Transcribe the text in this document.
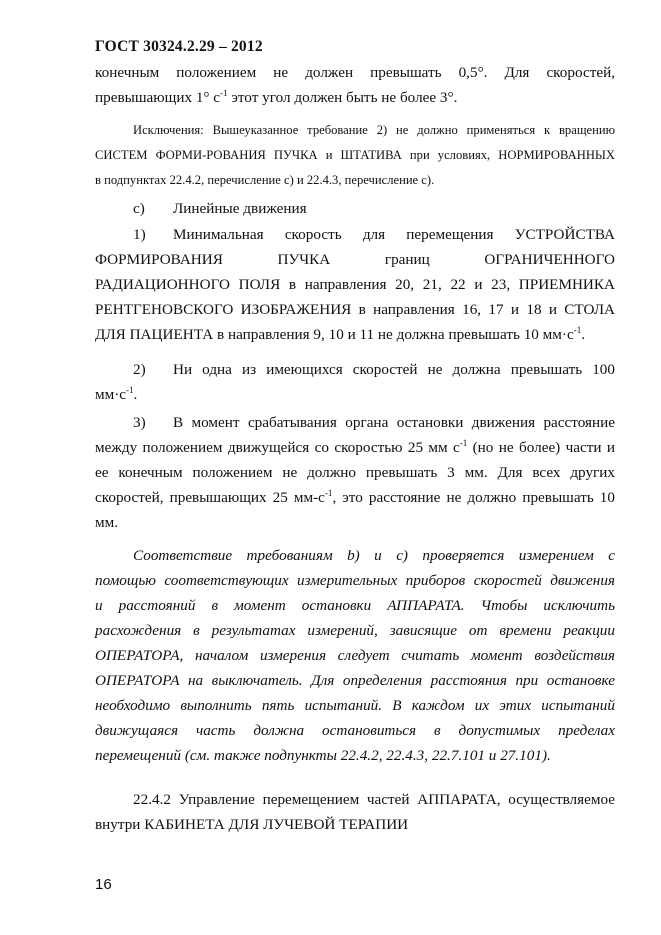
ГОСТ 30324.2.29 – 2012
конечным положением не должен превышать 0,5°. Для скоростей,
превышающих 1° $с^{-1}$ этот угол должен быть не более 3°.
Исключения: Вышеуказанное требование 2) не должно применяться к вращению
СИСТЕМ ФОРМИ-РОВАНИЯ ПУЧКА и ШТАТИВА при условиях, НОРМИРОВАННЫХ
в подпунктах 22.4.2, перечисление с) и 22.4.3, перечисление с).
c) Линейные движения
1)	Минимальная скорость для перемещения УСТРОЙСТВА
ФОРМИРОВАНИЯ ПУЧКА границ ОГРАНИЧЕННОГО
РАДИАЦИОННОГО ПОЛЯ в направления 20, 21, 22 и 23, ПРИЕМНИКА
РЕНТГЕНОВСКОГО ИЗОБРАЖЕНИЯ в направления 16, 17 и 18 и СТОЛА
ДЛЯ ПАЦИЕНТА в направления 9, 10 и 11 не должна превышать 10 $мм\cdot с^{-1}$.
2)	Ни одна из имеющихся скоростей не должна превышать 100
$мм\cdot с^{-1}$.
3)	В момент срабатывания органа остановки движения расстояние
между положением движущейся со скоростью 25 мм $с^{-1}$ (но не более) части и
ее конечным положением не должно превышать 3 мм. Для всех других
скоростей, превышающих 25 $мм-с^{-1}$, это расстояние не должно превышать 10
мм.
Соответствие требованиям b) и c) проверяется измерением с
помощью соответствующих измерительных приборов скоростей движения
и расстояний в момент остановки АППАРАТА. Чтобы исключить
расхождения в результатах измерений, зависящие от времени реакции
ОПЕРАТОРА, началом измерения следует считать момент воздействия
ОПЕРАТОРА на выключатель. Для определения расстояния при остановке
необходимо выполнить пять испытаний. В каждом их этих испытаний
движущаяся часть должна остановиться в допустимых пределах
перемещений (см. также подпункты 22.4.2, 22.4.3, 22.7.101 и 27.101).
22.4.2 Управление перемещением частей АППАРАТА, осуществляемое
внутри КАБИНЕТА ДЛЯ ЛУЧЕВОЙ ТЕРАПИИ
16
